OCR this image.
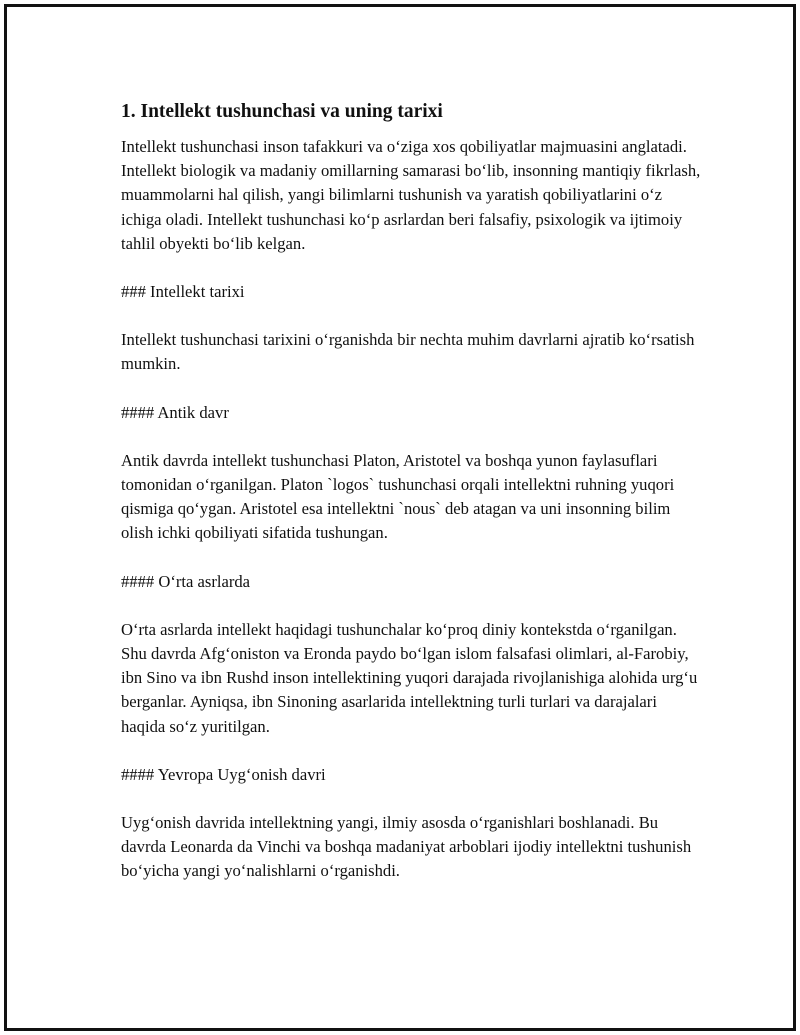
1. Intellekt tushunchasi va uning tarixi

Intellekt tushunchasi inson tafakkuri va o‘ziga xos qobiliyatlar majmuasini anglatadi. Intellekt biologik va madaniy omillarning samarasi bo‘lib, insonning mantiqiy fikrlash, muammolarni hal qilish, yangi bilimlarni tushunish va yaratish qobiliyatlarini o‘z ichiga oladi. Intellekt tushunchasi ko‘p asrlardan beri falsafiy, psixologik va ijtimoiy tahlil obyekti bo‘lib kelgan.

### Intellekt tarixi

Intellekt tushunchasi tarixini o‘rganishda bir nechta muhim davrlarni ajratib ko‘rsatish mumkin.

#### Antik davr

Antik davrda intellekt tushunchasi Platon, Aristotel va boshqa yunon faylasuflari tomonidan o‘rganilgan. Platon `logos` tushunchasi orqali intellektni ruhning yuqori qismiga qo‘ygan. Aristotel esa intellektni `nous` deb atagan va uni insonning bilim olish ichki qobiliyati sifatida tushungan.

#### O‘rta asrlarda

O‘rta asrlarda intellekt haqidagi tushunchalar ko‘proq diniy kontekstda o‘rganilgan. Shu davrda Afg‘oniston va Eronda paydo bo‘lgan islom falsafasi olimlari, al-Farobiy, ibn Sino va ibn Rushd inson intellektining yuqori darajada rivojlanishiga alohida urg‘u berganlar. Ayniqsa, ibn Sinoning asarlarida intellektning turli turlari va darajalari haqida so‘z yuritilgan.

#### Yevropa Uyg‘onish davri

Uyg‘onish davrida intellektning yangi, ilmiy asosda o‘rganishlari boshlanadi. Bu davrda Leonarda da Vinchi va boshqa madaniyat arboblari ijodiy intellektni tushunish bo‘yicha yangi yo‘nalishlarni o‘rganishdi.
